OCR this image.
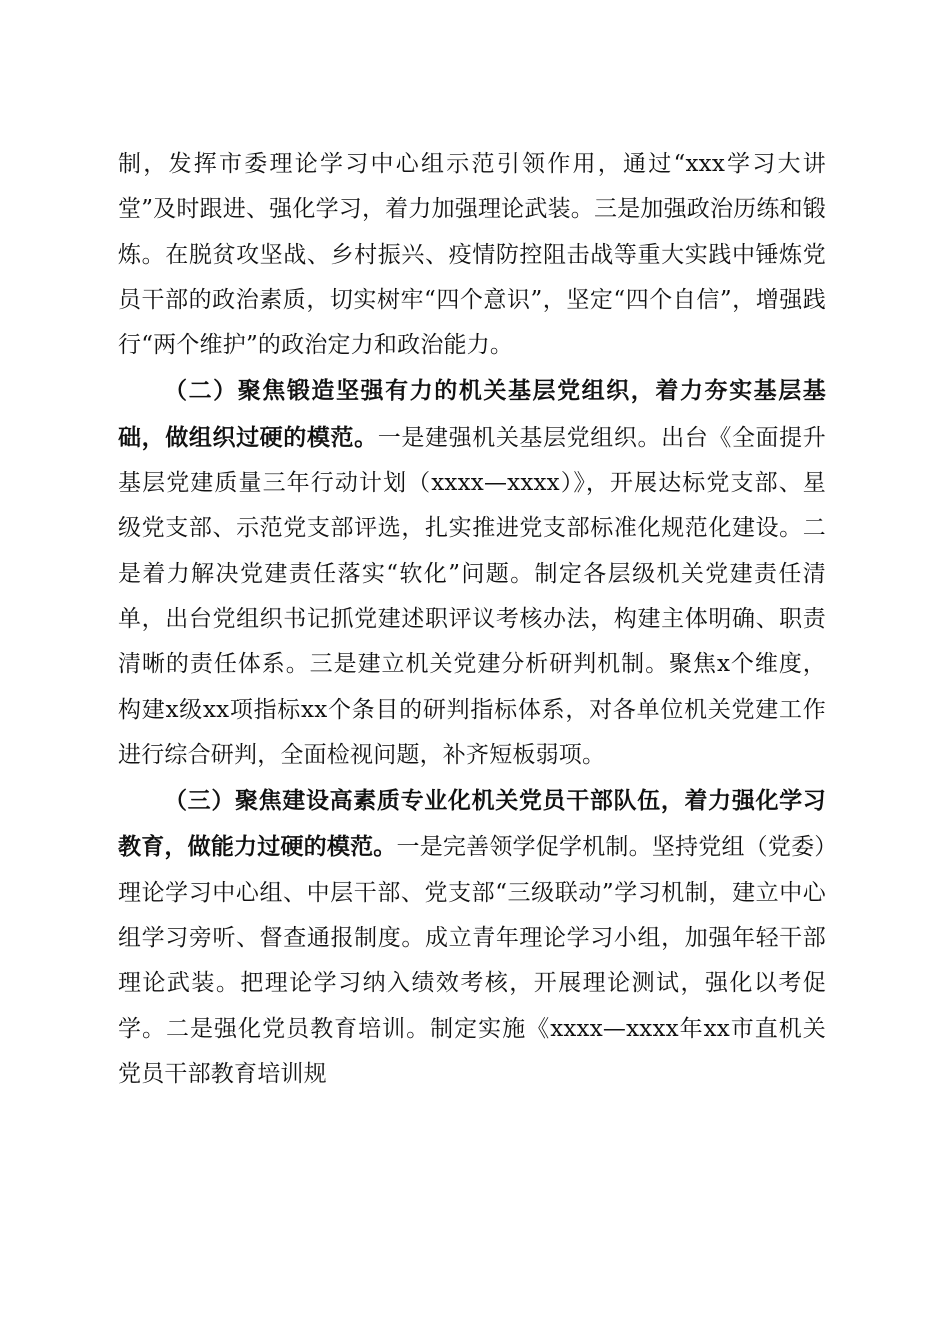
制，发挥市委理论学习中心组示范引领作用，通过“xxx学习大讲堂”及时跟进、强化学习，着力加强理论武装。三是加强政治历练和锻炼。在脱贫攻坚战、乡村振兴、疫情防控阻击战等重大实践中锤炼党员干部的政治素质，切实树牢“四个意识”，坚定“四个自信”，增强践行“两个维护”的政治定力和政治能力。

（二）聚焦锻造坚强有力的机关基层党组织，着力夯实基层基础，做组织过硬的模范。一是建强机关基层党组织。出台《全面提升基层党建质量三年行动计划（xxxx—xxxx）》，开展达标党支部、星级党支部、示范党支部评选，扎实推进党支部标准化规范化建设。二是着力解决党建责任落实“软化”问题。制定各层级机关党建责任清单，出台党组织书记抓党建述职评议考核办法，构建主体明确、职责清晰的责任体系。三是建立机关党建分析研判机制。聚焦x个维度，构建x级xx项指标xx个条目的研判指标体系，对各单位机关党建工作进行综合研判，全面检视问题，补齐短板弱项。

（三）聚焦建设高素质专业化机关党员干部队伍，着力强化学习教育，做能力过硬的模范。一是完善领学促学机制。坚持党组（党委）理论学习中心组、中层干部、党支部“三级联动”学习机制，建立中心组学习旁听、督查通报制度。成立青年理论学习小组，加强年轻干部理论武装。把理论学习纳入绩效考核，开展理论测试，强化以考促学。二是强化党员教育培训。制定实施《xxxx—xxxx年xx市直机关党员干部教育培训规
